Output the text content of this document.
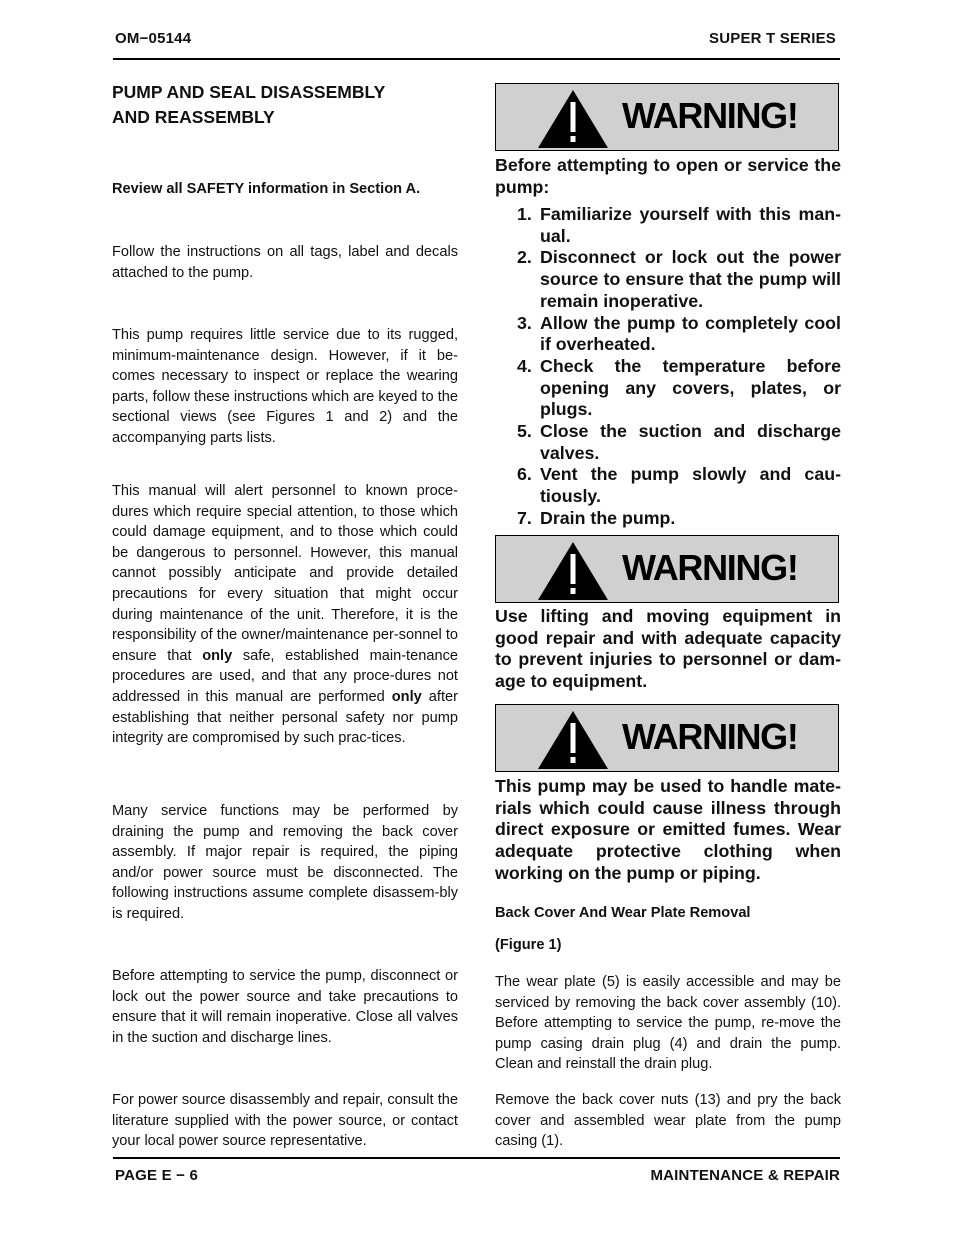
OM−05144	SUPER T SERIES
PUMP AND SEAL DISASSEMBLY
AND REASSEMBLY
Review all SAFETY information in Section A.
Follow the instructions on all tags, label and decals attached to the pump.
This pump requires little service due to its rugged, minimum-maintenance design. However, if it be-comes necessary to inspect or replace the wearing parts, follow these instructions which are keyed to the sectional views (see Figures 1 and 2) and the accompanying parts lists.
This manual will alert personnel to known proce-dures which require special attention, to those which could damage equipment, and to those which could be dangerous to personnel. However, this manual cannot possibly anticipate and provide detailed precautions for every situation that might occur during maintenance of the unit. Therefore, it is the responsibility of the owner/maintenance per-sonnel to ensure that only safe, established main-tenance procedures are used, and that any proce-dures not addressed in this manual are performed only after establishing that neither personal safety nor pump integrity are compromised by such prac-tices.
Many service functions may be performed by draining the pump and removing the back cover assembly. If major repair is required, the piping and/or power source must be disconnected. The following instructions assume complete disassem-bly is required.
Before attempting to service the pump, disconnect or lock out the power source and take precautions to ensure that it will remain inoperative. Close all valves in the suction and discharge lines.
For power source disassembly and repair, consult the literature supplied with the power source, or contact your local power source representative.
WARNING!
Before attempting to open or service the pump:
1. Familiarize yourself with this man-ual.
2. Disconnect or lock out the power source to ensure that the pump will remain inoperative.
3. Allow the pump to completely cool if overheated.
4. Check the temperature before opening any covers, plates, or plugs.
5. Close the suction and discharge valves.
6. Vent the pump slowly and cau-tiously.
7. Drain the pump.
WARNING!
Use lifting and moving equipment in good repair and with adequate capacity to prevent injuries to personnel or dam-age to equipment.
WARNING!
This pump may be used to handle mate-rials which could cause illness through direct exposure or emitted fumes. Wear adequate protective clothing when working on the pump or piping.
Back Cover And Wear Plate Removal
(Figure 1)
The wear plate (5) is easily accessible and may be serviced by removing the back cover assembly (10). Before attempting to service the pump, re-move the pump casing drain plug (4) and drain the pump. Clean and reinstall the drain plug.
Remove the back cover nuts (13) and pry the back cover and assembled wear plate from the pump casing (1).
PAGE E − 6	MAINTENANCE & REPAIR
